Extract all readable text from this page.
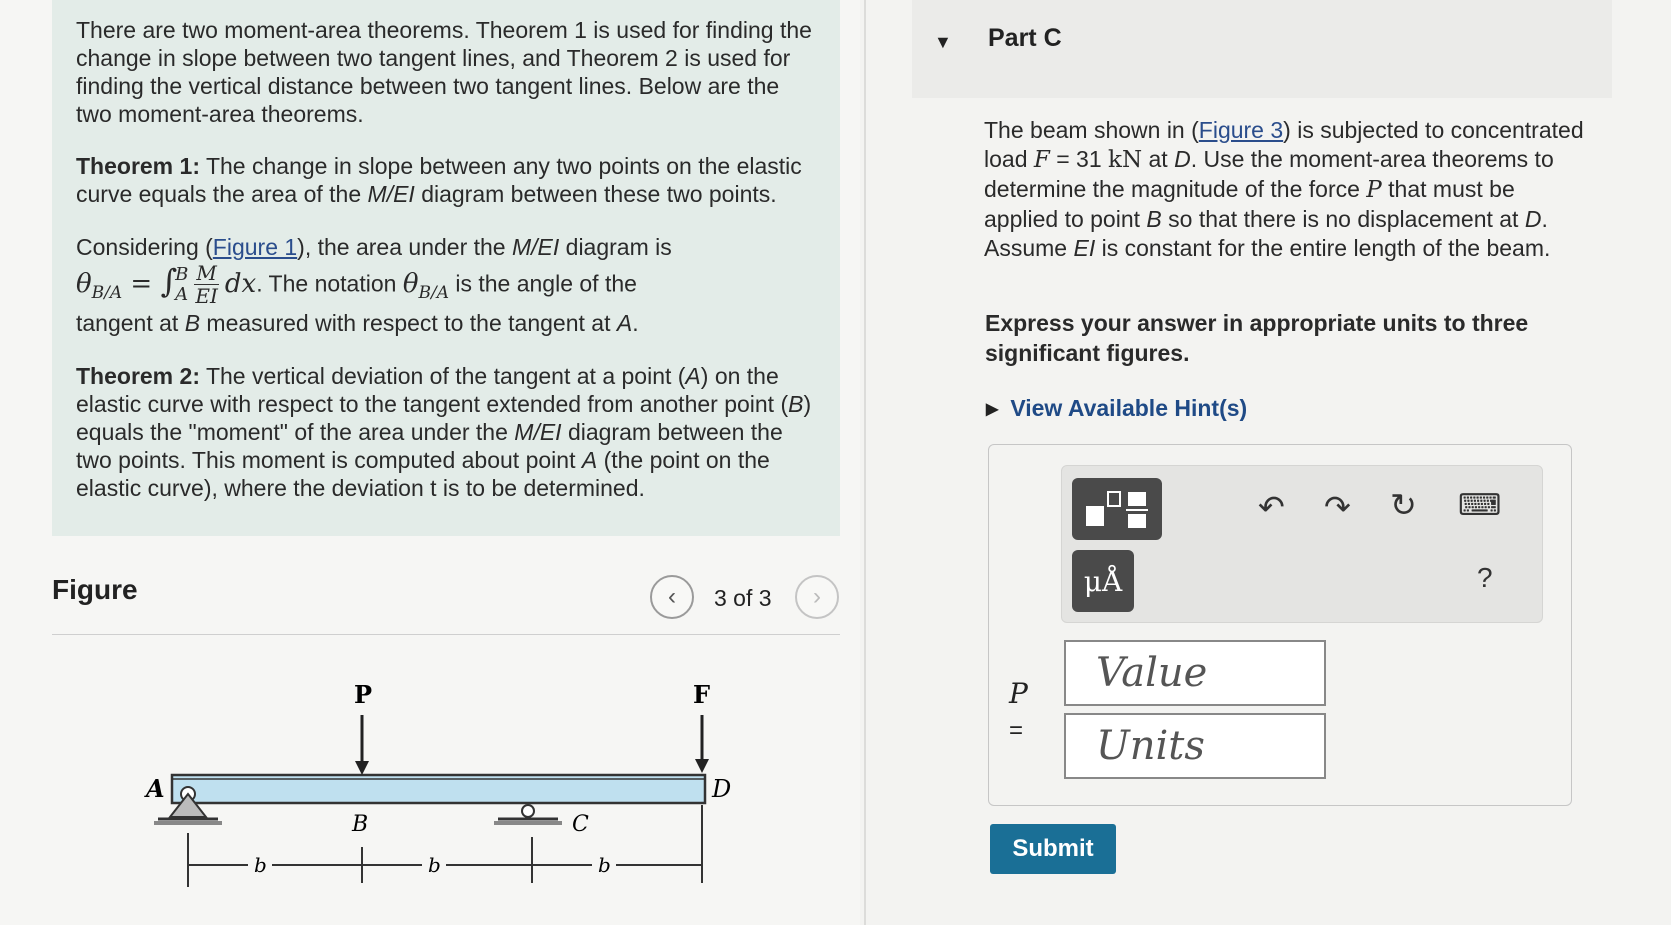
There are two moment-area theorems. Theorem 1 is used for finding the change in slope between two tangent lines, and Theorem 2 is used for finding the vertical distance between two tangent lines. Below are the two moment-area theorems.

Theorem 1: The change in slope between any two points on the elastic curve equals the area of the M/EI diagram between these two points.

Considering (Figure 1), the area under the M/EI diagram is
$\theta_{B/A}$ = ∫
B
A $\frac{M}{EI}$ dx. The notation $\theta_{B/A}$ is the angle of the
tangent at B measured with respect to the tangent at A.

Theorem 2: The vertical deviation of the tangent at a point (A) on the elastic curve with respect to the tangent extended from another point (B) equals the "moment" of the area under the M/EI diagram between the two points. This moment is computed about point A (the point on the elastic curve), where the deviation t is to be determined.

Figure	‹ 3 of 3 ›
P	F
A	D
B	C
b	b	b
▼ Part C
The beam shown in (Figure 3) is subjected to concentrated load F = 31 kN at D. Use the moment-area theorems to determine the magnitude of the force P that must be applied to point B so that there is no displacement at D. Assume EI is constant for the entire length of the beam.
Express your answer in appropriate units to three significant figures.
▶ View Available Hint(s)
μÅ
↶ ↷ ↻ ⌨
?
P
=
Value
Units
Submit
